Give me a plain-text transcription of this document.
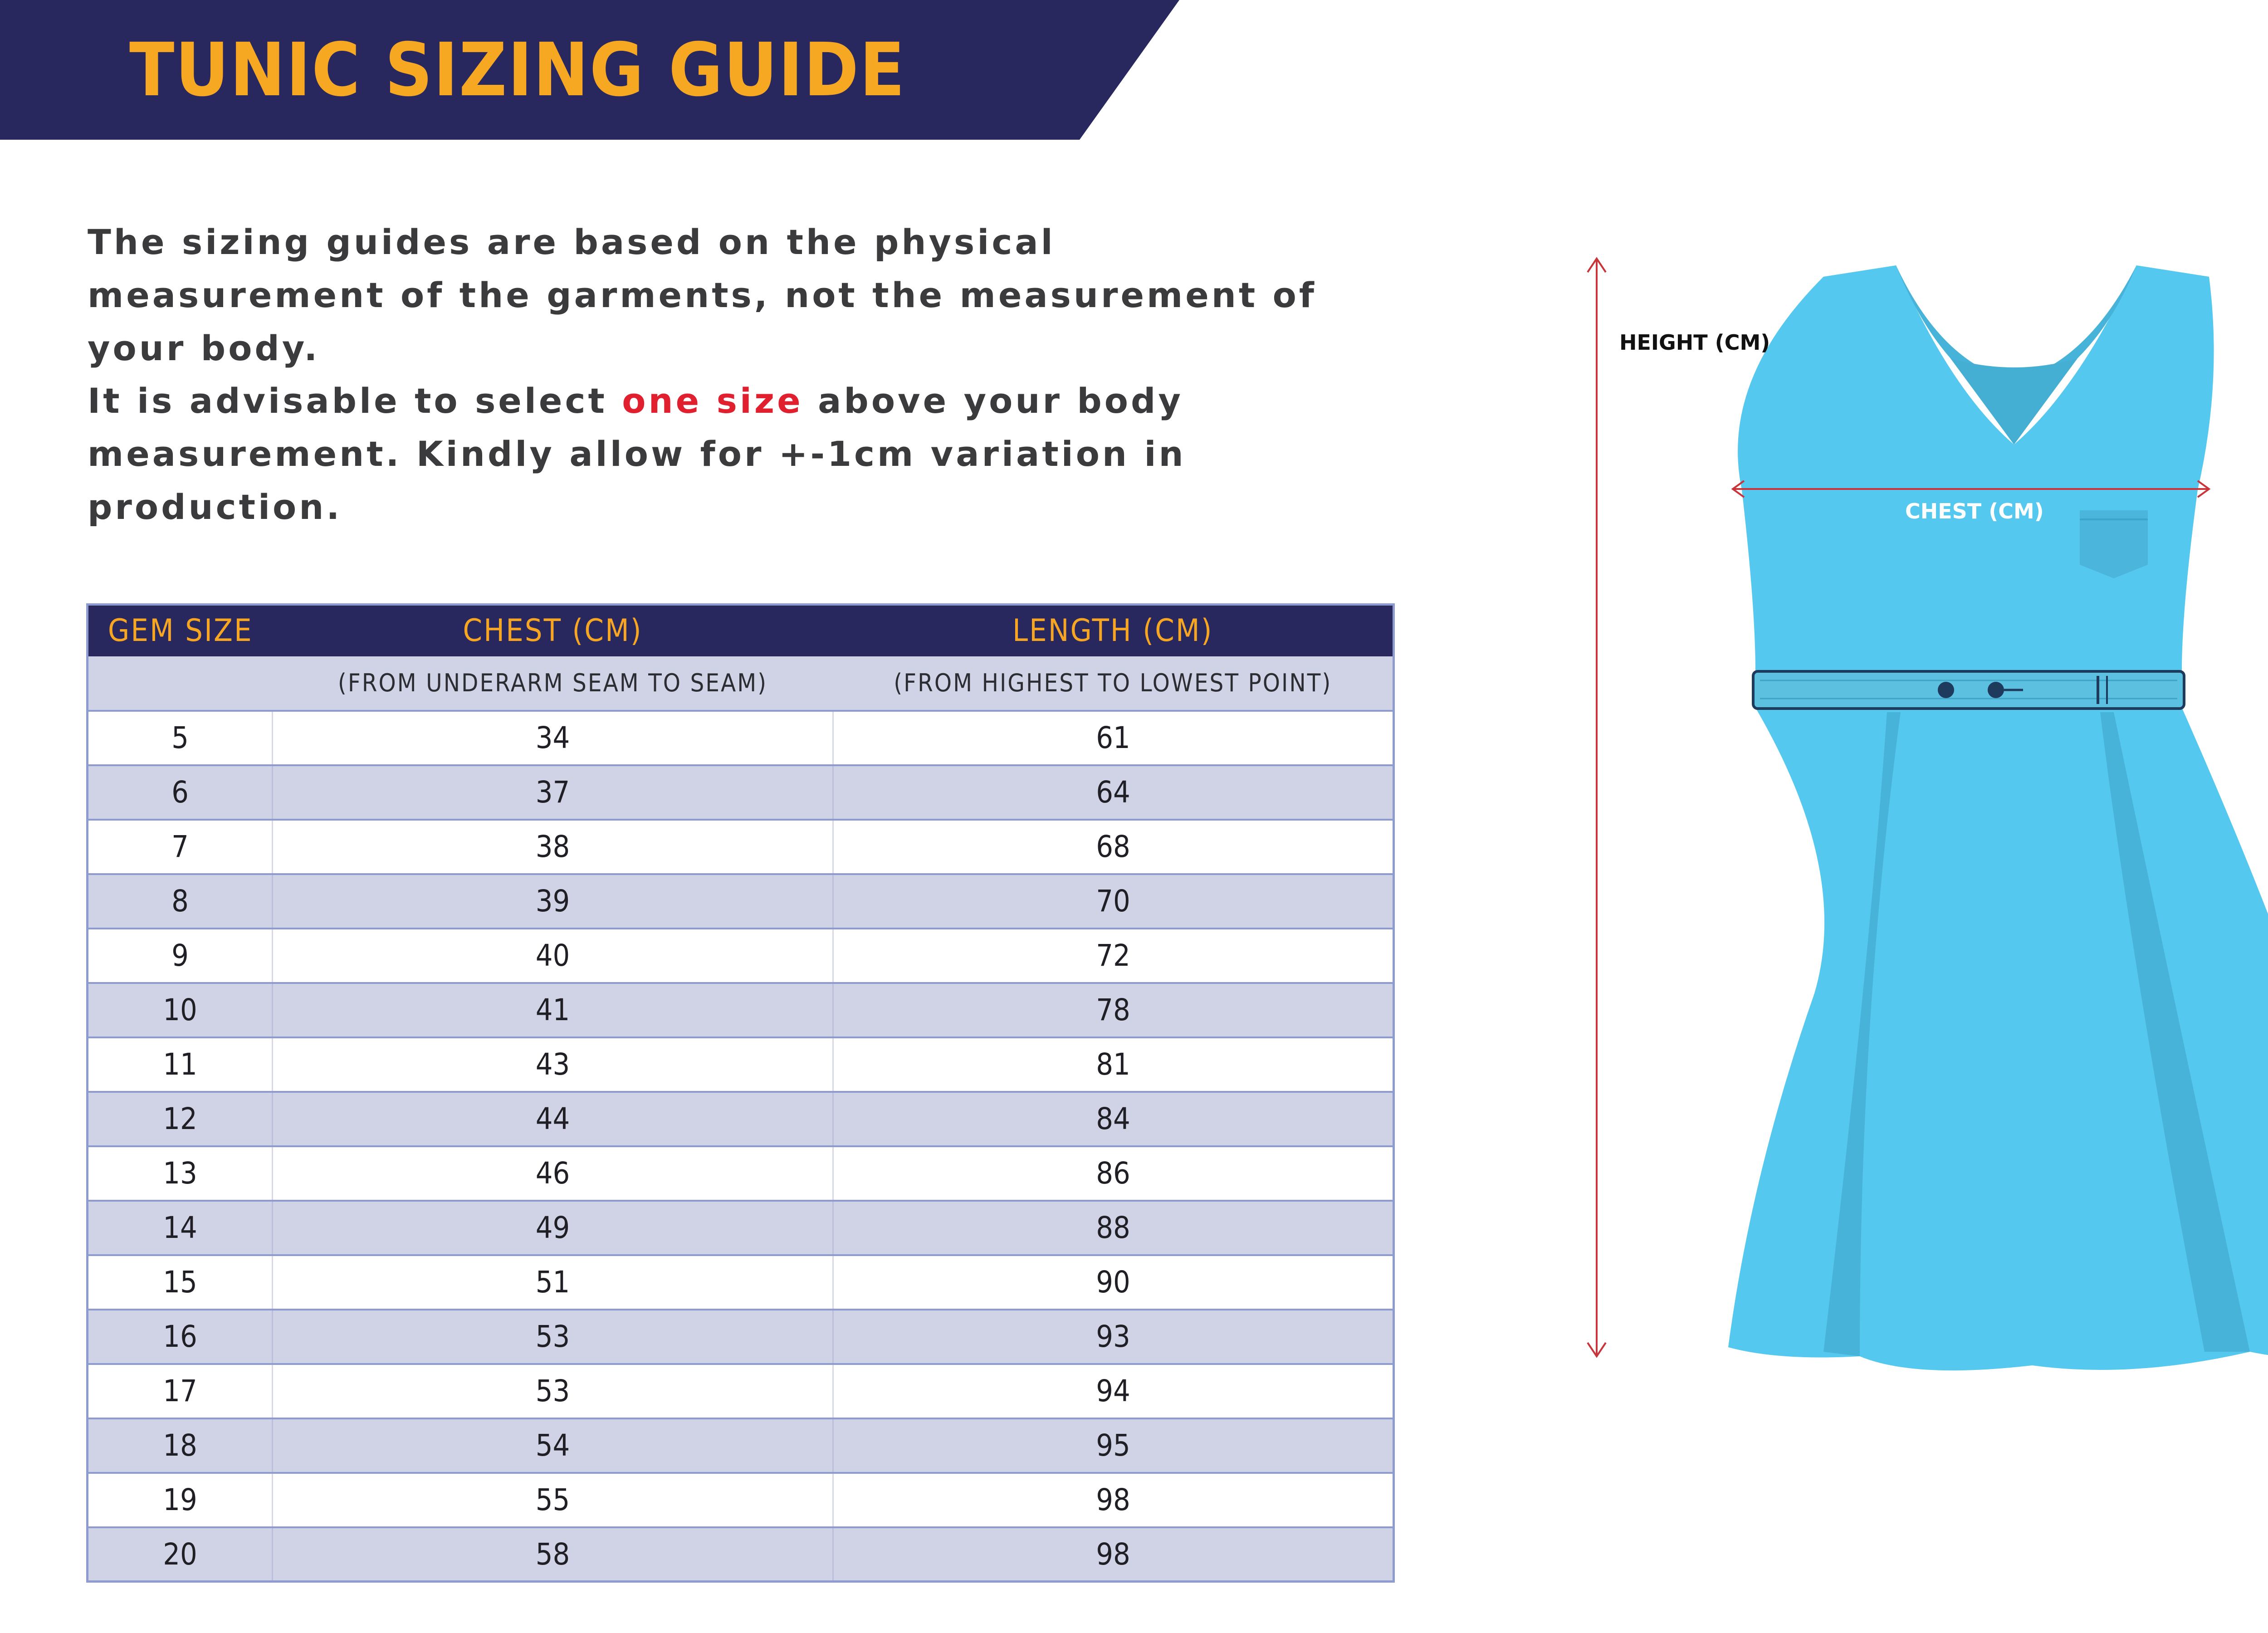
TUNIC SIZING GUIDE

The sizing guides are based on the physical measurement of the garments, not the measurement of your body.

It is advisable to select one size above your body measurement. Kindly allow for +-1cm variation in production.

GEM SIZE	CHEST (CM)	LENGTH (CM)
	(FROM UNDERARM SEAM TO SEAM)	(FROM HIGHEST TO LOWEST POINT)
5	34	61
6	37	64
7	38	68
8	39	70
9	40	72
10	41	78
11	43	81
12	44	84
13	46	86
14	49	88
15	51	90
16	53	93
17	53	94
18	54	95
19	55	98
20	58	98
HEIGHT (CM)
CHEST (CM)
